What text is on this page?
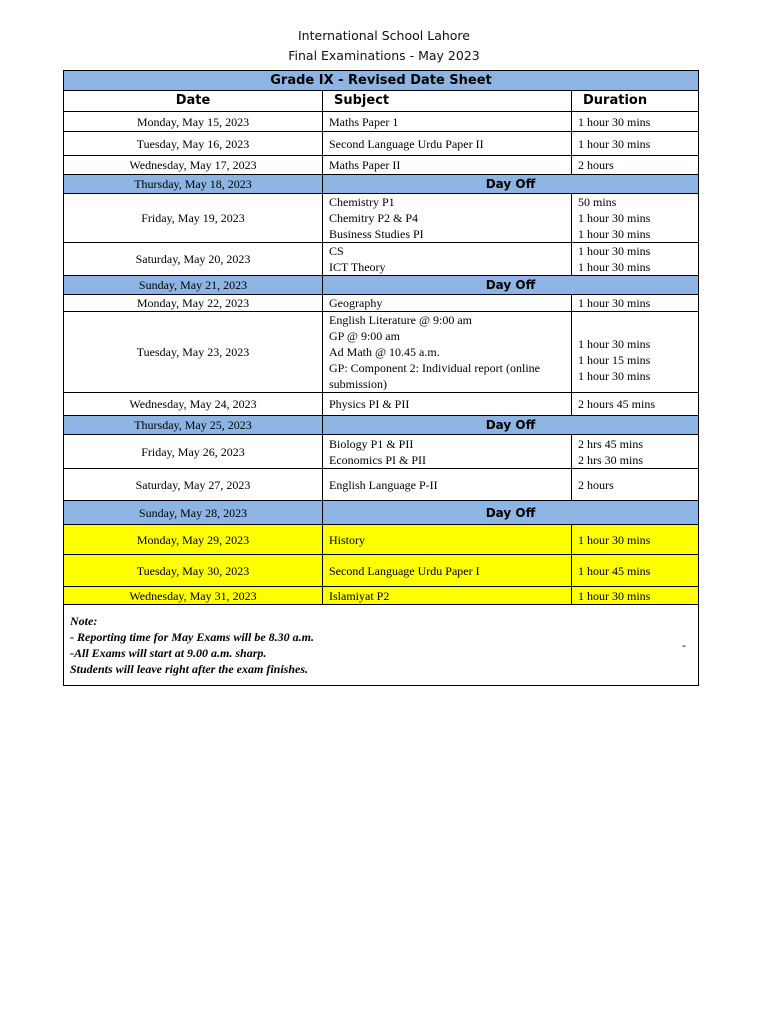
International School Lahore
Final Examinations - May 2023
Grade IX - Revised Date Sheet		
Date	Subject	Duration
Monday, May 15, 2023	Maths Paper 1	1 hour 30 mins

Tuesday, May 16, 2023	Second Language Urdu Paper II	1 hour 30 mins

Wednesday, May 17, 2023	Maths Paper II	2 hours

Thursday, May 18, 2023	Day Off	
Friday, May 19, 2023	Chemistry P1
Chemitry P2 & P4
Business Studies PI	50 mins
1 hour 30 mins
1 hour 30 mins

Saturday, May 20, 2023	CS
ICT Theory	1 hour 30 mins
1 hour 30 mins

Sunday, May 21, 2023	Day Off	
Monday, May 22, 2023	Geography	1 hour 30 mins

Tuesday, May 23, 2023	English Literature @ 9:00 am
GP @ 9:00 am
Ad Math @ 10.45 a.m.
GP: Component 2: Individual report (online submission)	1 hour 30 mins
1 hour 15 mins
1 hour 30 mins

Wednesday, May 24, 2023	Physics PI & PII	2 hours 45 mins

Thursday, May 25, 2023	Day Off	
Friday, May 26, 2023	Biology P1 & PII
Economics PI & PII	2 hrs 45 mins
2 hrs 30 mins

Saturday, May 27, 2023	English Language P-II	2 hours

Sunday, May 28, 2023	Day Off	
Monday, May 29, 2023	History	1 hour 30 mins

Tuesday, May 30, 2023	Second Language Urdu Paper I	1 hour 45 mins

Wednesday, May 31, 2023	Islamiyat P2	1 hour 30 mins

Note:
- Reporting time for May Exams will be 8.30 a.m.
-All Exams will start at 9.00 a.m. sharp.
Students will leave right after the exam finishes.
-		
